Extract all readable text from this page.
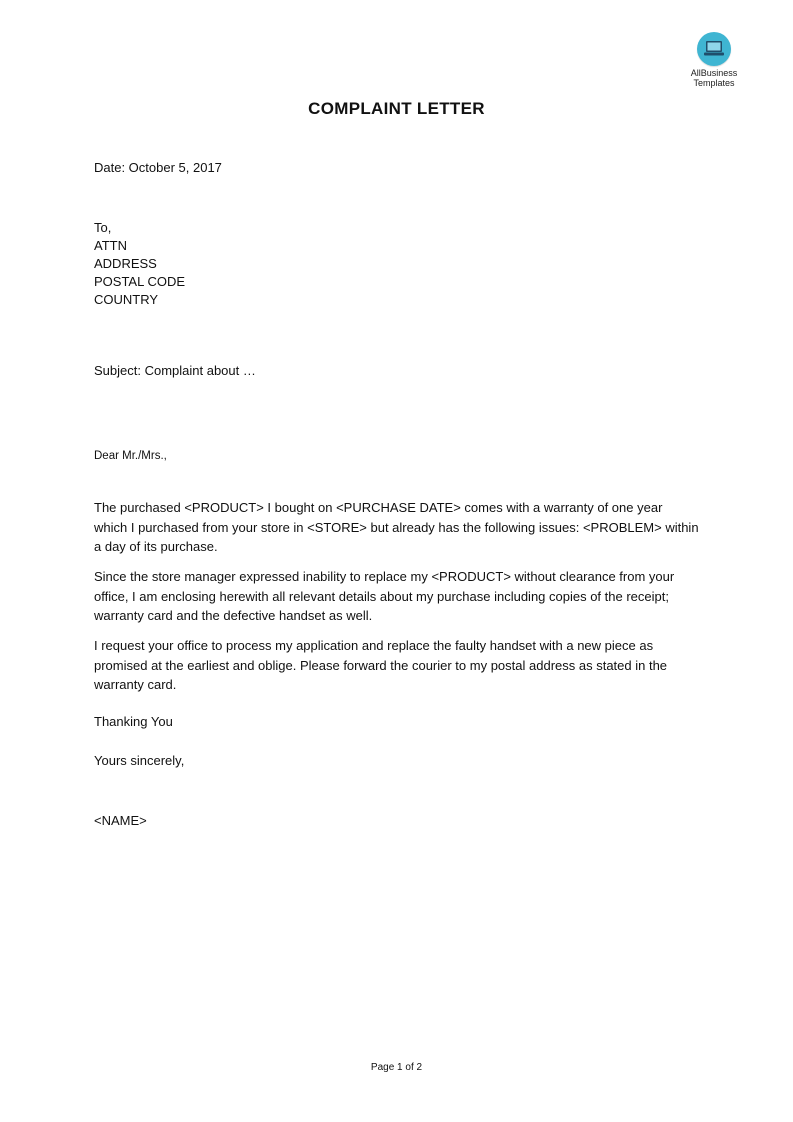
AllBusiness
Templates
COMPLAINT LETTER
Date: October 5, 2017
To,
ATTN
ADDRESS
POSTAL CODE
COUNTRY
Subject: Complaint about …
Dear Mr./Mrs.,

The purchased <PRODUCT> I bought on <PURCHASE DATE> comes with a warranty of one year which I purchased from your store in <STORE> but already has the following issues: <PROBLEM> within a day of its purchase.

Since the store manager expressed inability to replace my <PRODUCT> without clearance from your office, I am enclosing herewith all relevant details about my purchase including copies of the receipt; warranty card and the defective handset as well.

I request your office to process my application and replace the faulty handset with a new piece as promised at the earliest and oblige. Please forward the courier to my postal address as stated in the warranty card.

Thanking You
Yours sincerely,
<NAME>
Page 1 of 2
